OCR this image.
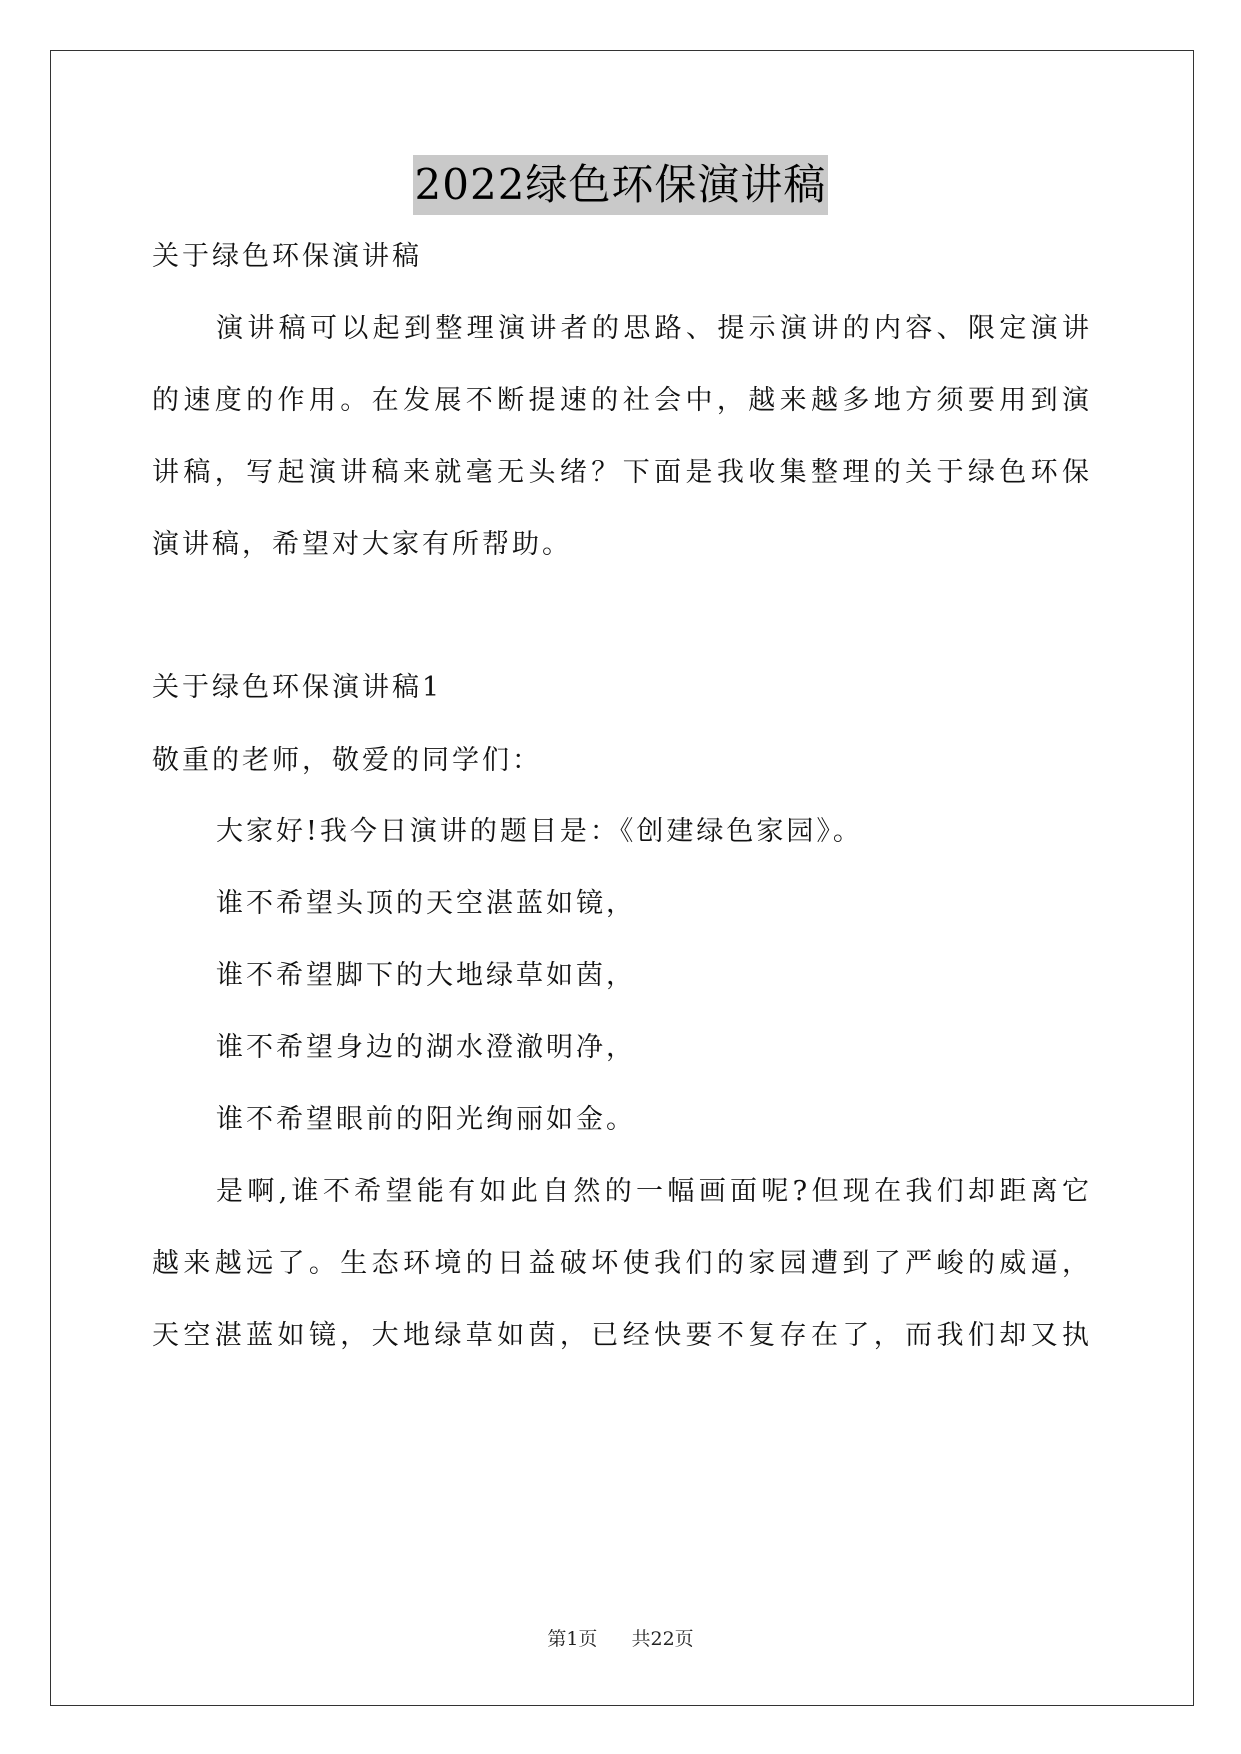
2022绿色环保演讲稿
关于绿色环保演讲稿
演讲稿可以起到整理演讲者的思路、提示演讲的内容、限定演讲
的速度的作用。在发展不断提速的社会中，越来越多地方须要用到演
讲稿，写起演讲稿来就毫无头绪？下面是我收集整理的关于绿色环保
演讲稿，希望对大家有所帮助。
关于绿色环保演讲稿1
敬重的老师，敬爱的同学们：
大家好!我今日演讲的题目是：《创建绿色家园》。
谁不希望头顶的天空湛蓝如镜，
谁不希望脚下的大地绿草如茵，
谁不希望身边的湖水澄澈明净，
谁不希望眼前的阳光绚丽如金。
是啊,谁不希望能有如此自然的一幅画面呢?但现在我们却距离它
越来越远了。生态环境的日益破坏使我们的家园遭到了严峻的威逼，
天空湛蓝如镜，大地绿草如茵，已经快要不复存在了，而我们却又执
第1页 共22页
